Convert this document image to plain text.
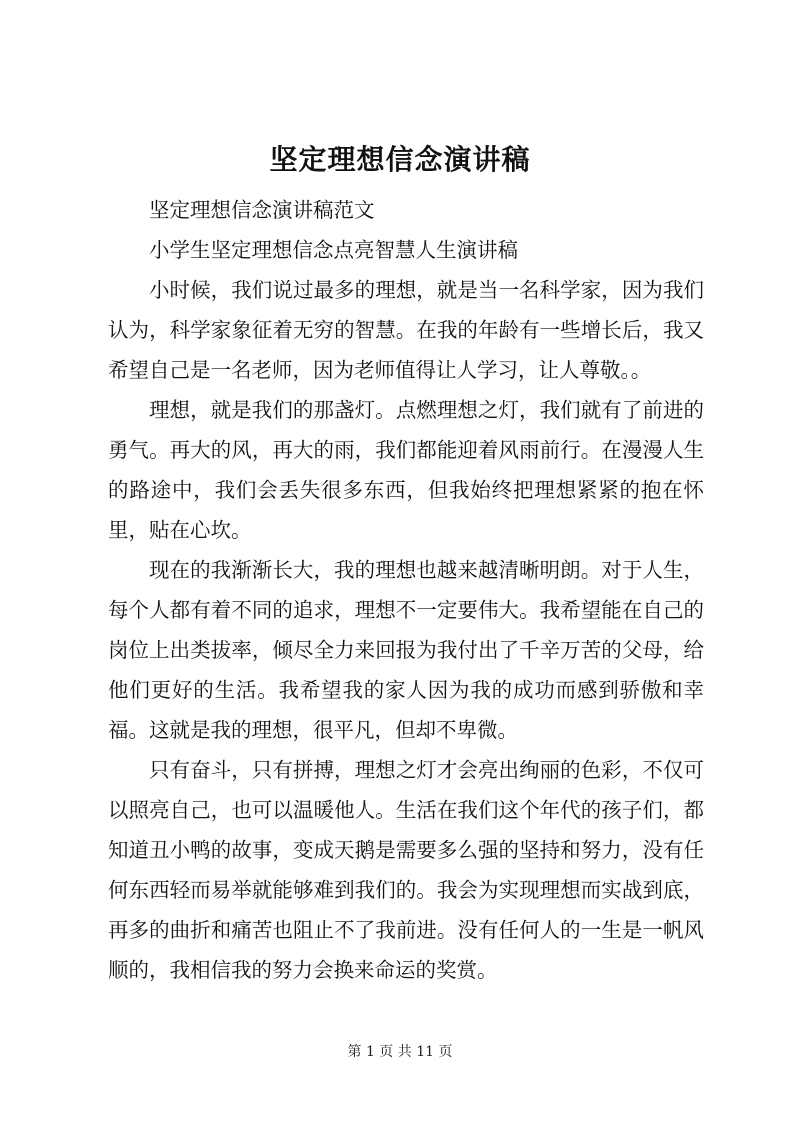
坚定理想信念演讲稿

坚定理想信念演讲稿范文

小学生坚定理想信念点亮智慧人生演讲稿

小时候，我们说过最多的理想，就是当一名科学家，因为我们认为，科学家象征着无穷的智慧。在我的年龄有一些增长后，我又希望自己是一名老师，因为老师值得让人学习，让人尊敬。。

理想，就是我们的那盏灯。点燃理想之灯，我们就有了前进的勇气。再大的风，再大的雨，我们都能迎着风雨前行。在漫漫人生的路途中，我们会丢失很多东西，但我始终把理想紧紧的抱在怀里，贴在心坎。

现在的我渐渐长大，我的理想也越来越清晰明朗。对于人生，每个人都有着不同的追求，理想不一定要伟大。我希望能在自己的岗位上出类拔率，倾尽全力来回报为我付出了千辛万苦的父母，给他们更好的生活。我希望我的家人因为我的成功而感到骄傲和幸福。这就是我的理想，很平凡，但却不卑微。

只有奋斗，只有拼搏，理想之灯才会亮出绚丽的色彩，不仅可以照亮自己，也可以温暖他人。生活在我们这个年代的孩子们，都知道丑小鸭的故事，变成天鹅是需要多么强的坚持和努力，没有任何东西轻而易举就能够难到我们的。我会为实现理想而实战到底，再多的曲折和痛苦也阻止不了我前进。没有任何人的一生是一帆风顺的，我相信我的努力会换来命运的奖赏。

第 1 页 共 11 页
